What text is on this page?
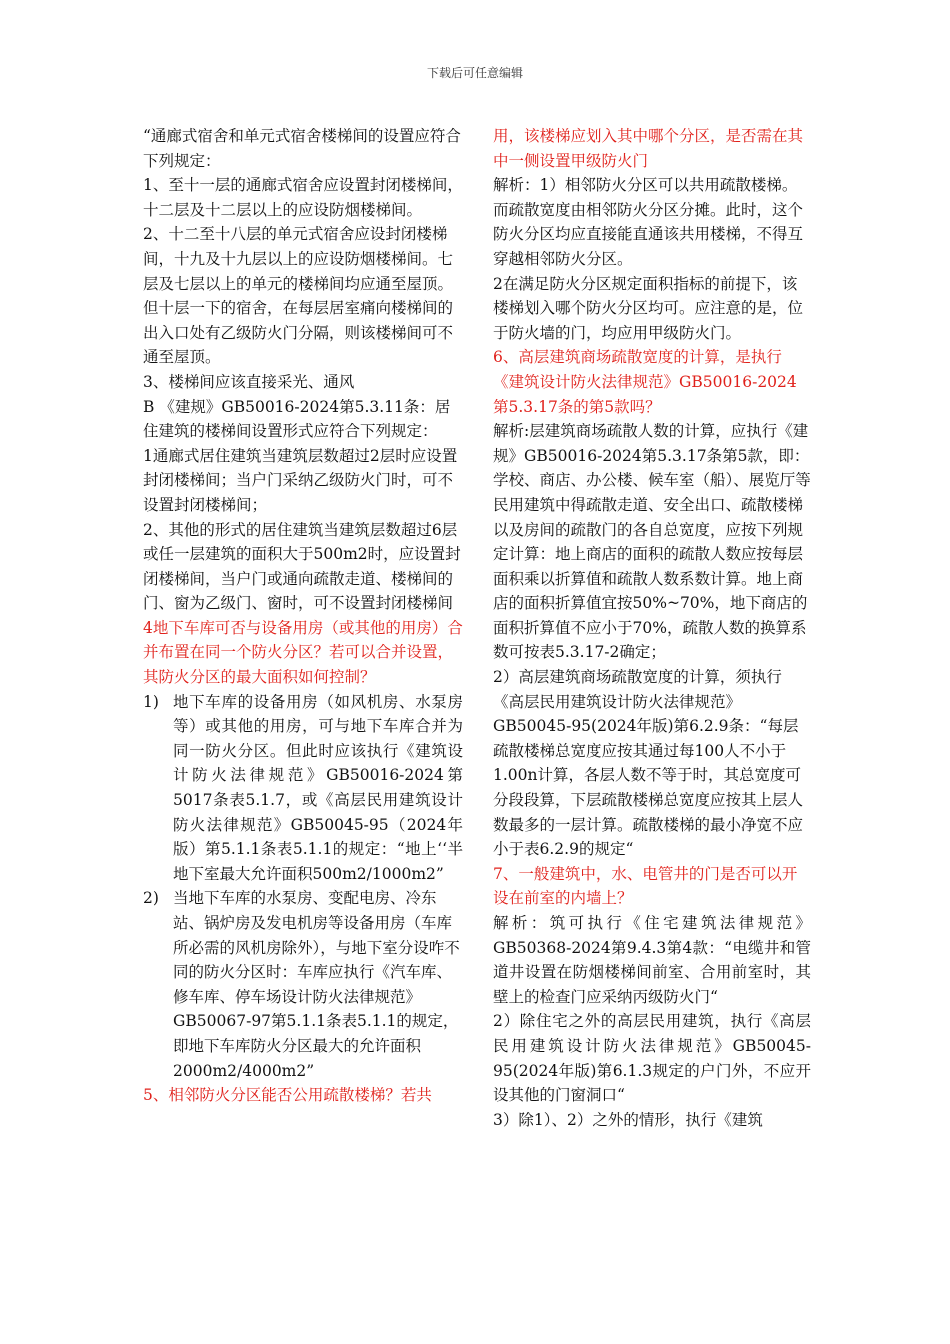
下载后可任意编辑

“通廊式宿舍和单元式宿舍楼梯间的设置应符合下列规定：

1、至十一层的通廊式宿舍应设置封闭楼梯间，十二层及十二层以上的应设防烟楼梯间。

2、十二至十八层的单元式宿舍应设封闭楼梯间，十九及十九层以上的应设防烟楼梯间。七层及七层以上的单元的楼梯间均应通至屋顶。但十层一下的宿舍，在每层居室痛向楼梯间的出入口处有乙级防火门分隔，则该楼梯间可不通至屋顶。

3、楼梯间应该直接采光、通风

B 《建规》GB50016-2024第5.3.11条：居住建筑的楼梯间设置形式应符合下列规定：

1通廊式居住建筑当建筑层数超过2层时应设置封闭楼梯间；当户门采纳乙级防火门时，可不设置封闭楼梯间；

2、其他的形式的居住建筑当建筑层数超过6层或任一层建筑的面积大于500m2时，应设置封闭楼梯间，当户门或通向疏散走道、楼梯间的门、窗为乙级门、窗时，可不设置封闭楼梯间

4地下车库可否与设备用房（或其他的用房）合并布置在同一个防火分区？若可以合并设置，其防火分区的最大面积如何控制？

1) 地下车库的设备用房（如风机房、水泵房等）或其他的用房，可与地下车库合并为同一防火分区。但此时应该执行《建筑设计防火法律规范》GB50016-2024第5017条表5.1.7，或《高层民用建筑设计防火法律规范》GB50045-95（2024年版）第5.1.1条表5.1.1的规定：“地上‘‘半地下室最大允许面积500m2/1000m2”
2) 当地下车库的水泵房、变配电房、冷东站、锅炉房及发电机房等设备用房（车库所必需的风机房除外），与地下室分设咋不同的防火分区时：车库应执行《汽车库、修车库、停车场设计防火法律规范》GB50067-97第5.1.1条表5.1.1的规定，即地下车库防火分区最大的允许面积2000m2/4000m2”

5、相邻防火分区能否公用疏散楼梯？若共

用，该楼梯应划入其中哪个分区，是否需在其中一侧设置甲级防火门

解析：1）相邻防火分区可以共用疏散楼梯。而疏散宽度由相邻防火分区分摊。此时，这个防火分区均应直接能直通该共用楼梯，不得互穿越相邻防火分区。

2在满足防火分区规定面积指标的前提下，该楼梯划入哪个防火分区均可。应注意的是，位于防火墙的门，均应用甲级防火门。

6、高层建筑商场疏散宽度的计算，是执行《建筑设计防火法律规范》GB50016-2024第5.3.17条的第5款吗？

解析:层建筑商场疏散人数的计算，应执行《建规》GB50016-2024第5.3.17条第5款，即：学校、商店、办公楼、候车室（船）、展览厅等民用建筑中得疏散走道、安全出口、疏散楼梯以及房间的疏散门的各自总宽度，应按下列规定计算：地上商店的面积的疏散人数应按每层面积乘以折算值和疏散人数系数计算。地上商店的面积折算值宜按50%~70%，地下商店的面积折算值不应小于70%，疏散人数的换算系数可按表5.3.17-2确定；

2）高层建筑商场疏散宽度的计算，须执行《高层民用建筑设计防火法律规范》GB50045-95(2024年版)第6.2.9条：“每层疏散楼梯总宽度应按其通过每100人不小于1.00n计算，各层人数不等于时，其总宽度可分段段算，下层疏散楼梯总宽度应按其上层人数最多的一层计算。疏散楼梯的最小净宽不应小于表6.2.9的规定“

7、一般建筑中，水、电管井的门是否可以开设在前室的内墙上？

解析：筑可执行《住宅建筑法律规范》GB50368-2024第9.4.3第4款：“电缆井和管道井设置在防烟楼梯间前室、合用前室时，其壁上的检查门应采纳丙级防火门“

2）除住宅之外的高层民用建筑，执行《高层民用建筑设计防火法律规范》GB50045-95(2024年版)第6.1.3规定的户门外，不应开设其他的门窗洞口“

3）除1）、2）之外的情形，执行《建筑
